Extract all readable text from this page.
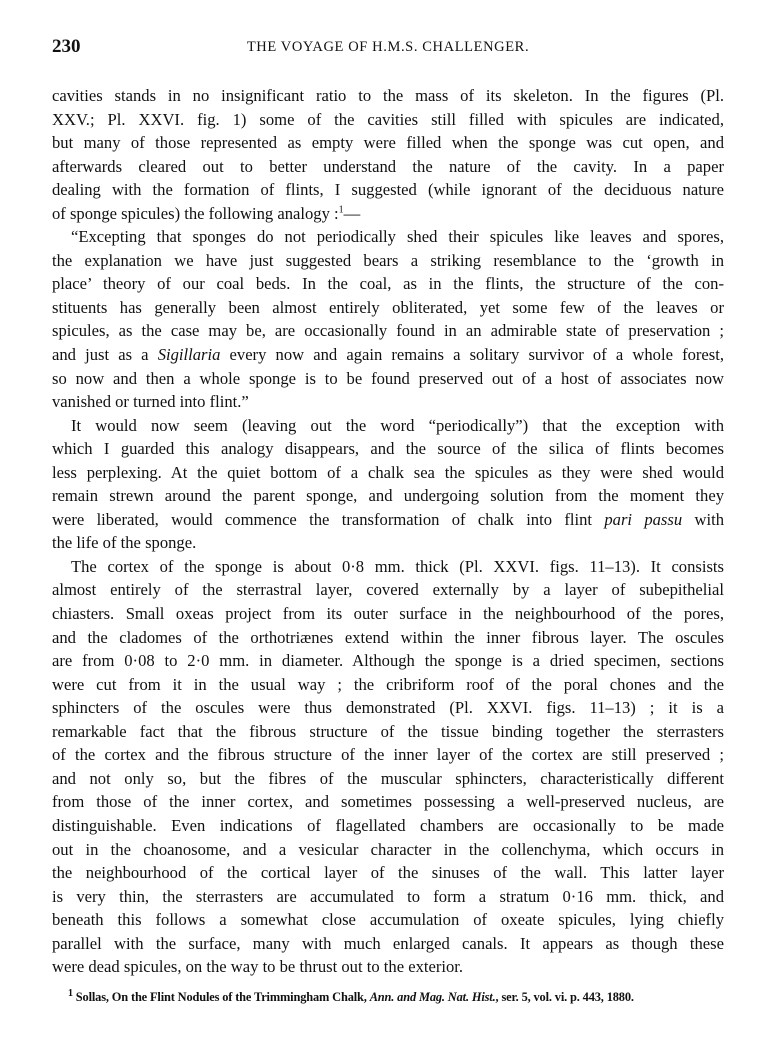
230	THE VOYAGE OF H.M.S. CHALLENGER.
cavities stands in no insignificant ratio to the mass of its skeleton. In the figures (Pl.
XXV.; Pl. XXVI. fig. 1) some of the cavities still filled with spicules are indicated,
but many of those represented as empty were filled when the sponge was cut open, and
afterwards cleared out to better understand the nature of the cavity. In a paper
dealing with the formation of flints, I suggested (while ignorant of the deciduous nature
of sponge spicules) the following analogy :$^1$—
“Excepting that sponges do not periodically shed their spicules like leaves and spores,
the explanation we have just suggested bears a striking resemblance to the ‘growth in
place’ theory of our coal beds. In the coal, as in the flints, the structure of the con-
stituents has generally been almost entirely obliterated, yet some few of the leaves or
spicules, as the case may be, are occasionally found in an admirable state of preservation ;
and just as a Sigillaria every now and again remains a solitary survivor of a whole forest,
so now and then a whole sponge is to be found preserved out of a host of associates now
vanished or turned into flint.”
It would now seem (leaving out the word “periodically”) that the exception with
which I guarded this analogy disappears, and the source of the silica of flints becomes
less perplexing. At the quiet bottom of a chalk sea the spicules as they were shed would
remain strewn around the parent sponge, and undergoing solution from the moment they
were liberated, would commence the transformation of chalk into flint pari passu with
the life of the sponge.
The cortex of the sponge is about 0·8 mm. thick (Pl. XXVI. figs. 11–13). It consists
almost entirely of the sterrastral layer, covered externally by a layer of subepithelial
chiasters. Small oxeas project from its outer surface in the neighbourhood of the pores,
and the cladomes of the orthotriænes extend within the inner fibrous layer. The oscules
are from 0·08 to 2·0 mm. in diameter. Although the sponge is a dried specimen, sections
were cut from it in the usual way ; the cribriform roof of the poral chones and the
sphincters of the oscules were thus demonstrated (Pl. XXVI. figs. 11–13) ; it is a
remarkable fact that the fibrous structure of the tissue binding together the sterrasters
of the cortex and the fibrous structure of the inner layer of the cortex are still preserved ;
and not only so, but the fibres of the muscular sphincters, characteristically different
from those of the inner cortex, and sometimes possessing a well-preserved nucleus, are
distinguishable. Even indications of flagellated chambers are occasionally to be made
out in the choanosome, and a vesicular character in the collenchyma, which occurs in
the neighbourhood of the cortical layer of the sinuses of the wall. This latter layer
is very thin, the sterrasters are accumulated to form a stratum 0·16 mm. thick, and
beneath this follows a somewhat close accumulation of oxeate spicules, lying chiefly
parallel with the surface, many with much enlarged canals. It appears as though these
were dead spicules, on the way to be thrust out to the exterior.
$^1$ Sollas, On the Flint Nodules of the Trimmingham Chalk, Ann. and Mag. Nat. Hist., ser. 5, vol. vi. p. 443, 1880.
